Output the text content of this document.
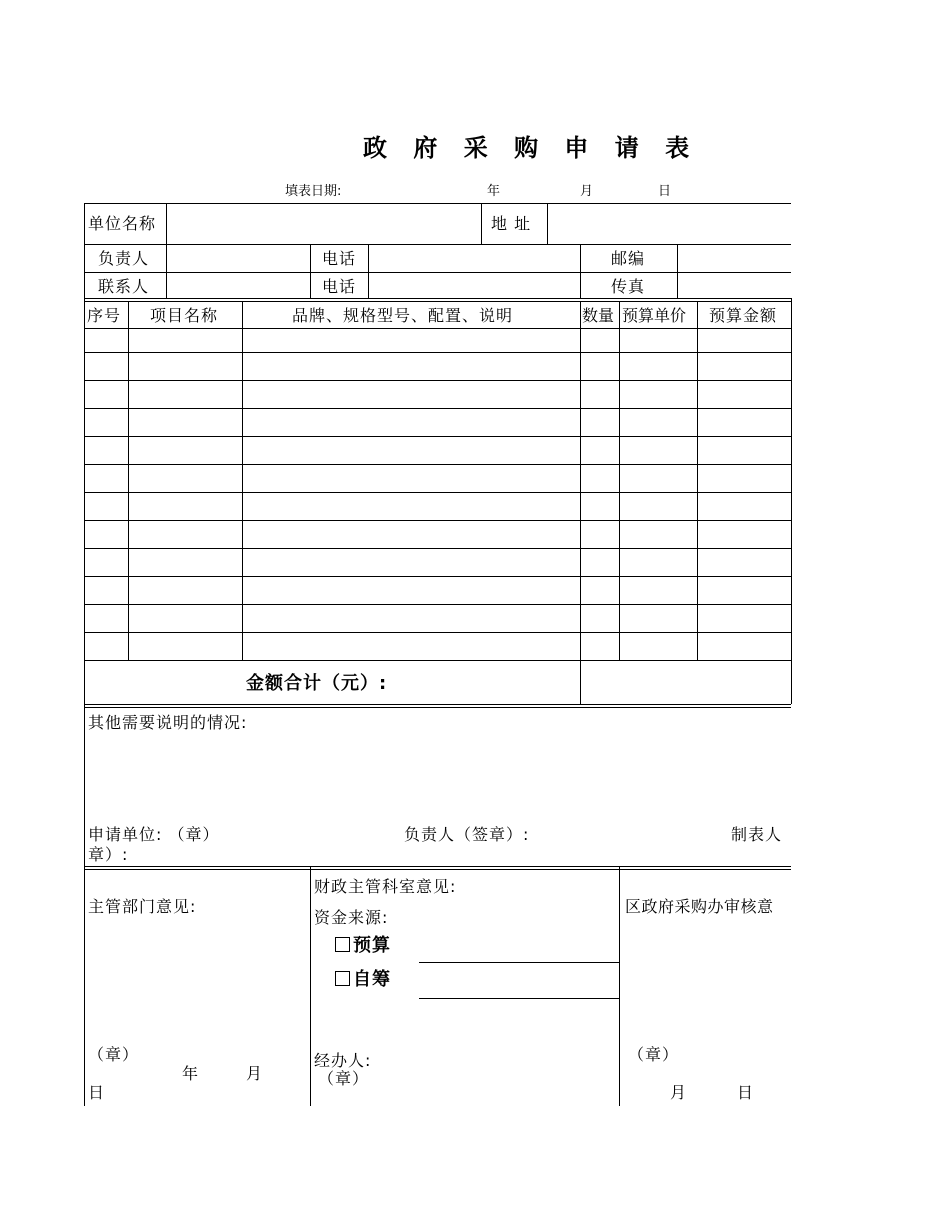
政 府 采 购 申 请 表
填表日期:	年	月	日
单位名称	地 址
负责人	电话	邮编
联系人	电话	传真
序号 项目名称	品牌、规格型号、配置、说明	数量 预算单价 预算金额
金额合计（元）:
其他需要说明的情况:
申请单位: （章）	负责人（签章）:	制表人
章）:
主管部门意见:
（章）
年	月
日
财政主管科室意见:
资金来源:
预算
自筹
经办人:
（章）
区政府采购办审核意
（章）
月	日
